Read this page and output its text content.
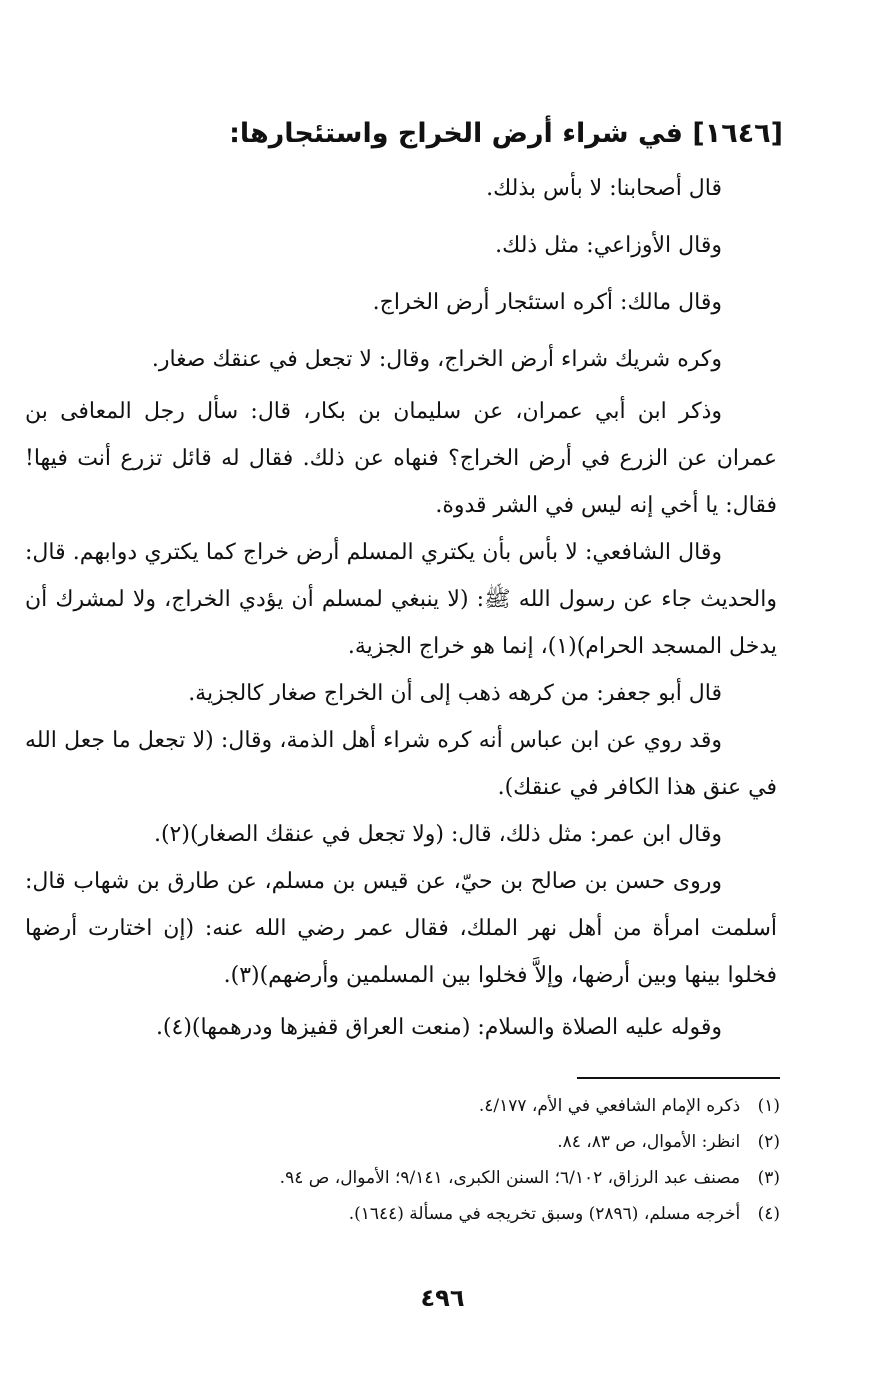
[١٦٤٦] في شراء أرض الخراج واستئجارها:

قال أصحابنا: لا بأس بذلك.

وقال الأوزاعي: مثل ذلك.

وقال مالك: أكره استئجار أرض الخراج.

وكره شريك شراء أرض الخراج، وقال: لا تجعل في عنقك صغار.

وذكر ابن أبي عمران، عن سليمان بن بكار، قال: سأل رجل المعافى بن عمران عن الزرع في أرض الخراج؟ فنهاه عن ذلك. فقال له قائل تزرع أنت فيها! فقال: يا أخي إنه ليس في الشر قدوة.

وقال الشافعي: لا بأس بأن يكتري المسلم أرض خراج كما يكتري دوابهم. قال: والحديث جاء عن رسول الله ﷺ: (لا ينبغي لمسلم أن يؤدي الخراج، ولا لمشرك أن يدخل المسجد الحرام)(١)، إنما هو خراج الجزية.

قال أبو جعفر: من كرهه ذهب إلى أن الخراج صغار كالجزية.

وقد روي عن ابن عباس أنه كره شراء أهل الذمة، وقال: (لا تجعل ما جعل الله في عنق هذا الكافر في عنقك).

وقال ابن عمر: مثل ذلك، قال: (ولا تجعل في عنقك الصغار)(٢).

وروى حسن بن صالح بن حيّ، عن قيس بن مسلم، عن طارق بن شهاب قال: أسلمت امرأة من أهل نهر الملك، فقال عمر رضي الله عنه: (إن اختارت أرضها فخلوا بينها وبين أرضها، وإلاَّ فخلوا بين المسلمين وأرضهم)(٣).

وقوله عليه الصلاة والسلام: (منعت العراق قفيزها ودرهمها)(٤).

(١) ذكره الإمام الشافعي في الأم، ٤/١٧٧.
(٢) انظر: الأموال، ص ٨٣، ٨٤.
(٣) مصنف عبد الرزاق، ٦/١٠٢؛ السنن الكبرى، ٩/١٤١؛ الأموال، ص ٩٤.
(٤) أخرجه مسلم، (٢٨٩٦) وسبق تخريجه في مسألة (١٦٤٤).
٤٩٦
